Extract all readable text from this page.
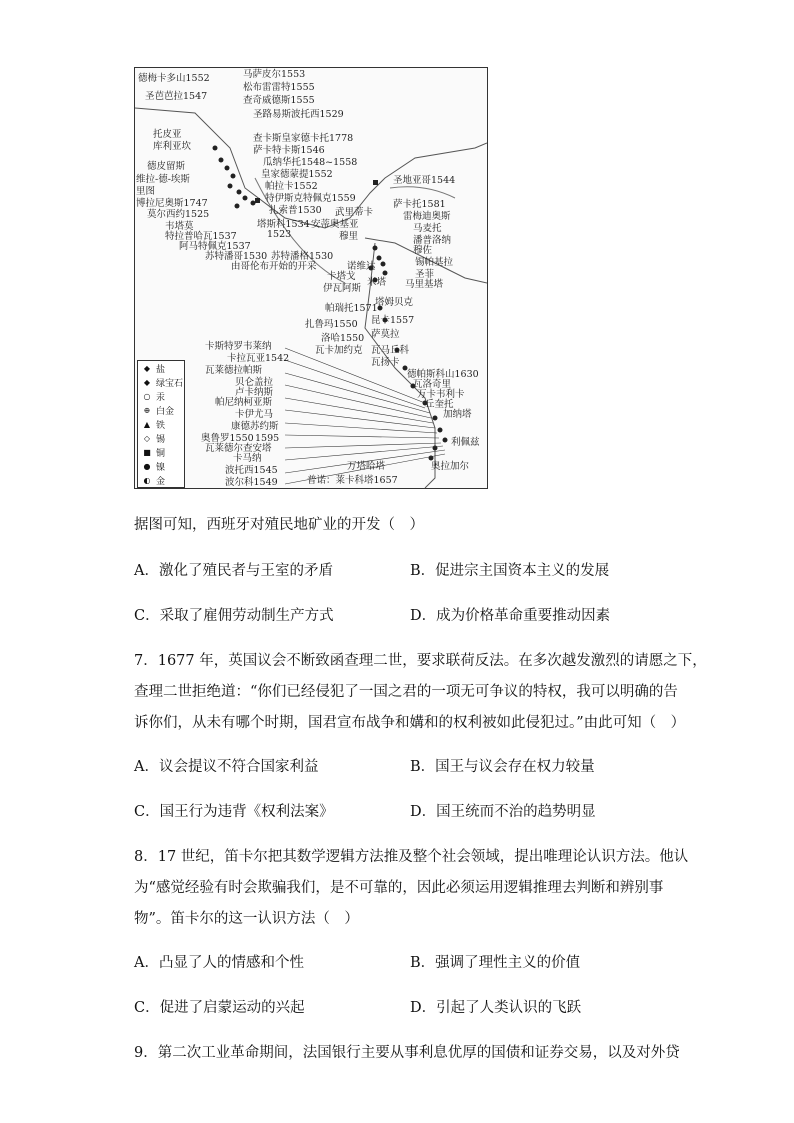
德梅卡多山1552	马萨皮尔1553
松布雷雷特1555
查奇威德斯1555
圣路易斯波托西1529
圣芭芭拉1547
查卡斯皇家德卡托1778
萨卡特卡斯1546
瓜纳华托1548~1558
皇家德蒙提1552
帕拉卡1552
托皮亚
库利亚坎
德皮留斯
维拉-德-埃斯
里图
博拉尼奥斯1747
莫尔西约1525
韦塔莫
特拉普哈瓦1537
阿马特佩克1537
苏特潘哥1530 苏特潘格1530
由哥伦布开始的开采	诺维达
圣地亚哥1544
萨卡托1581
雷梅迪奥斯
马麦托
潘普洛纳
穆佐
锡帕基拉
圣菲
马里基塔
武里蒂卡
安蒂奥基亚
穆里
卡塔戈
米塔
伊瓦阿斯
塔姆贝克
帕瑞托1571
昆卡1557
扎鲁玛1550
萨莫拉
洛哈1550
瓦卡加约克 瓦马丘科
瓦扬卡
卡斯特罗韦莱纳
卡拉瓦亚1542
瓦莱德拉帕斯
贝仑盖拉
卢卡纳斯
帕尼纳柯亚斯
卡伊尤马
康德苏约斯
奥鲁罗1550 1595
瓦莱德尔查安塔
卡马纳
波托西1545
波尔科1549
万塔哈塔
普诺：莱卡科塔1657
德帕斯科山1630
瓦洛奇里
万卡韦利卡
丘奎托
加纳塔
利佩兹
奥拉加尔
特伊斯克特佩克1559
扎索普1530
塔斯科1534
1523
◆ 盐
◆ 绿宝石
○ 汞
⊕ 白金
▲ 铁
◇ 锡
■ 铜
● 镍
◐ 金
据图可知，西班牙对殖民地矿业的开发（　）
A．激化了殖民者与王室的矛盾	B．促进宗主国资本主义的发展
C．采取了雇佣劳动制生产方式	D．成为价格革命重要推动因素
7．1677 年，英国议会不断致函查理二世，要求联荷反法。在多次越发激烈的请愿之下，
查理二世拒绝道：“你们已经侵犯了一国之君的一项无可争议的特权，我可以明确的告
诉你们，从未有哪个时期，国君宣布战争和媾和的权利被如此侵犯过。”由此可知（　）
A．议会提议不符合国家利益	B．国王与议会存在权力较量
C．国王行为违背《权利法案》	D．国王统而不治的趋势明显
8．17 世纪，笛卡尔把其数学逻辑方法推及整个社会领域，提出唯理论认识方法。他认
为“感觉经验有时会欺骗我们，是不可靠的，因此必须运用逻辑推理去判断和辨别事
物”。笛卡尔的这一认识方法（　）
A．凸显了人的情感和个性	B．强调了理性主义的价值
C．促进了启蒙运动的兴起	D．引起了人类认识的飞跃
9．第二次工业革命期间，法国银行主要从事利息优厚的国债和证券交易，以及对外贷
